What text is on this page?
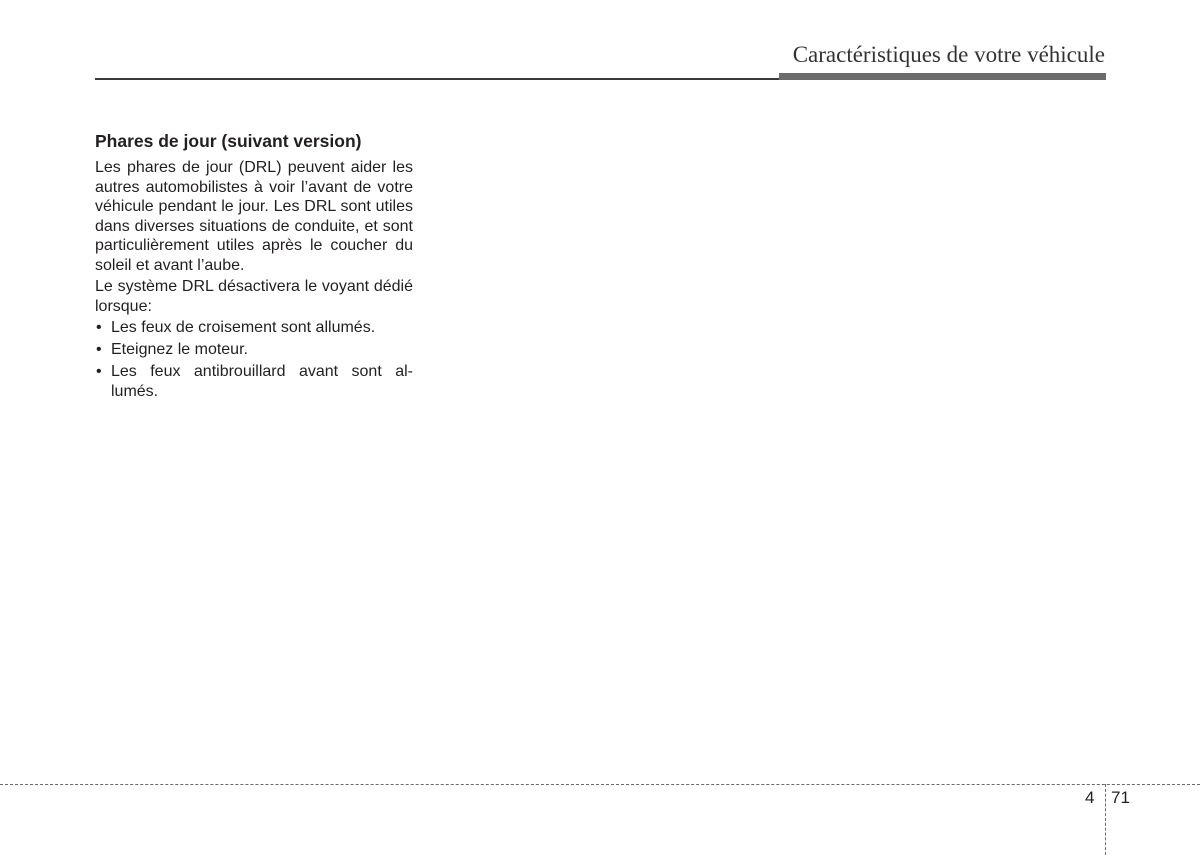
Caractéristiques de votre véhicule
Phares de jour (suivant version)

Les phares de jour (DRL) peuvent aider les autres automobilistes à voir l’avant de votre véhicule pendant le jour. Les DRL sont utiles dans diverses situations de conduite, et sont particulièrement utiles après le coucher du soleil et avant l’aube.

Le système DRL désactivera le voyant dédié lorsque:

• Les feux de croisement sont allumés.
• Eteignez le moteur.
• Les feux antibrouillard avant sont al-
lumés.
4 71
